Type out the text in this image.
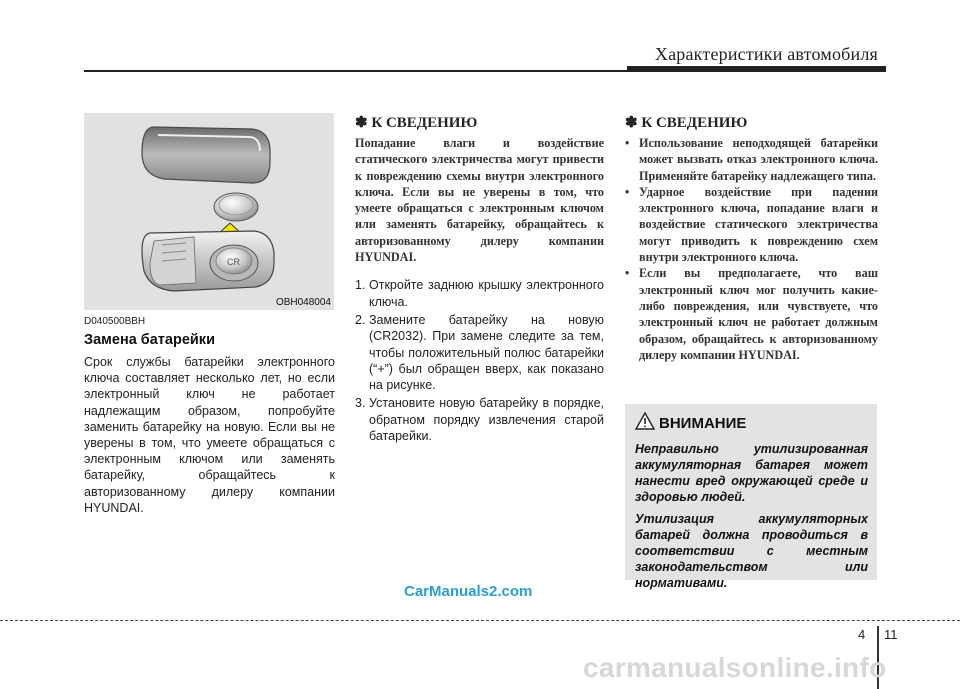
Характеристики автомобиля
CR
OBH048004
D040500BBH
Замена батарейки
Срок службы батарейки электронного ключа составляет несколько лет, но если электронный ключ не работает надлежащим образом, попробуйте заменить батарейку на новую. Если вы не уверены в том, что умеете обращаться с электронным ключом или заменять батарейку, обращайтесь к авторизованному дилеру компании HYUNDAI.
✽ К СВЕДЕНИЮ
Попадание влаги и воздействие статического электричества могут привести к повреждению схемы внутри электронного ключа. Если вы не уверены в том, что умеете обращаться с электронным ключом или заменять батарейку, обращайтесь к авторизованному дилеру компании HYUNDAI.
1. Откройте заднюю крышку электронного ключа.
2. Замените батарейку на новую (CR2032). При замене следите за тем, чтобы положительный полюс батарейки (“+”) был обращен вверх, как показано на рисунке.
3. Установите новую батарейку в порядке, обратном порядку извлечения старой батарейки.
✽ К СВЕДЕНИЮ
• Использование неподходящей батарейки может вызвать отказ электронного ключа. Применяйте батарейку надлежащего типа.
• Ударное воздействие при падении электронного ключа, попадание влаги и воздействие статического электричества могут приводить к повреждению схем внутри электронного ключа.
• Если вы предполагаете, что ваш электронный ключ мог получить какие-либо повреждения, или чувствуете, что электронный ключ не работает должным образом, обращайтесь к авторизованному дилеру компании HYUNDAI.
ВНИМАНИЕ

Неправильно утилизированная аккумуляторная батарея может нанести вред окружающей среде и здоровью людей.

Утилизация аккумуляторных батарей должна проводиться в соответствии с местным законодательством или нормативами.

CarManuals2.com
4 11
carmanualsonline.info
